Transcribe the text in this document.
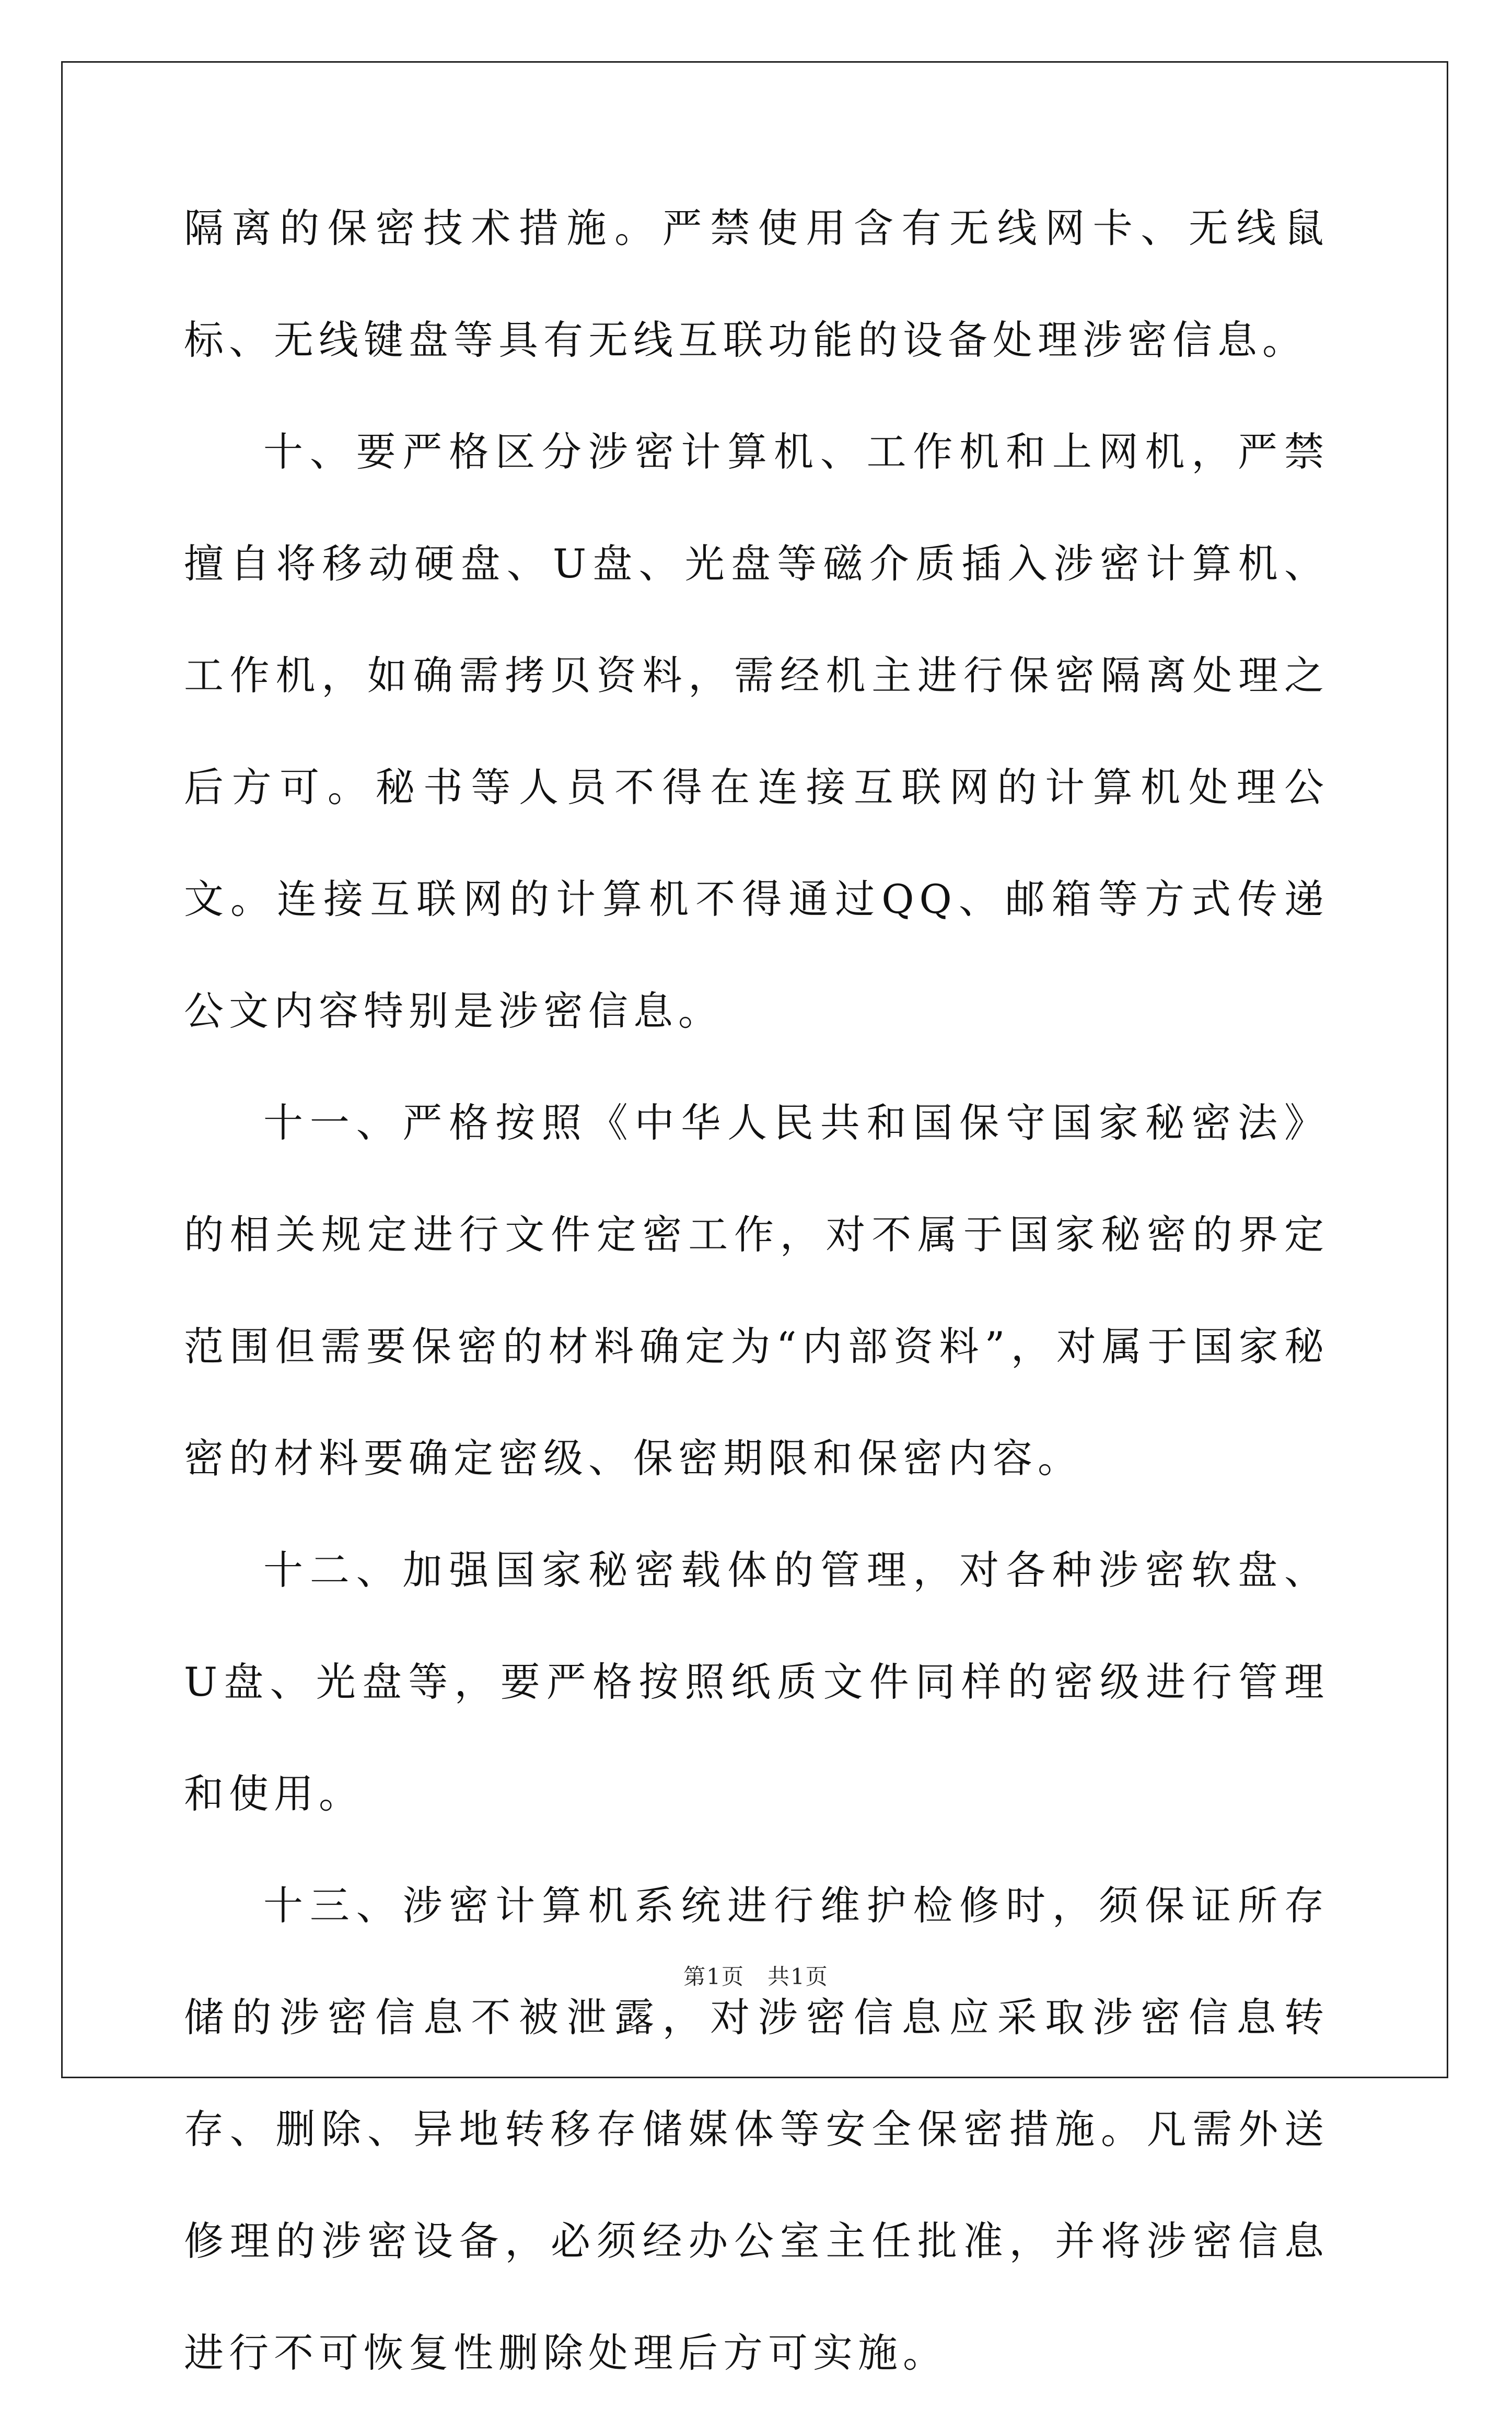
隔离的保密技术措施。严禁使用含有无线网卡、无线鼠标、无线键盘等具有无线互联功能的设备处理涉密信息。

十、要严格区分涉密计算机、工作机和上网机，严禁擅自将移动硬盘、U盘、光盘等磁介质插入涉密计算机、工作机，如确需拷贝资料，需经机主进行保密隔离处理之后方可。秘书等人员不得在连接互联网的计算机处理公文。连接互联网的计算机不得通过QQ、邮箱等方式传递公文内容特别是涉密信息。

十一、严格按照《中华人民共和国保守国家秘密法》的相关规定进行文件定密工作，对不属于国家秘密的界定范围但需要保密的材料确定为“内部资料”，对属于国家秘密的材料要确定密级、保密期限和保密内容。

十二、加强国家秘密载体的管理，对各种涉密软盘、U盘、光盘等，要严格按照纸质文件同样的密级进行管理和使用。

十三、涉密计算机系统进行维护检修时，须保证所存储的涉密信息不被泄露，对涉密信息应采取涉密信息转存、删除、异地转移存储媒体等安全保密措施。凡需外送修理的涉密设备，必须经办公室主任批准，并将涉密信息进行不可恢复性删除处理后方可实施。

第1页 共1页
